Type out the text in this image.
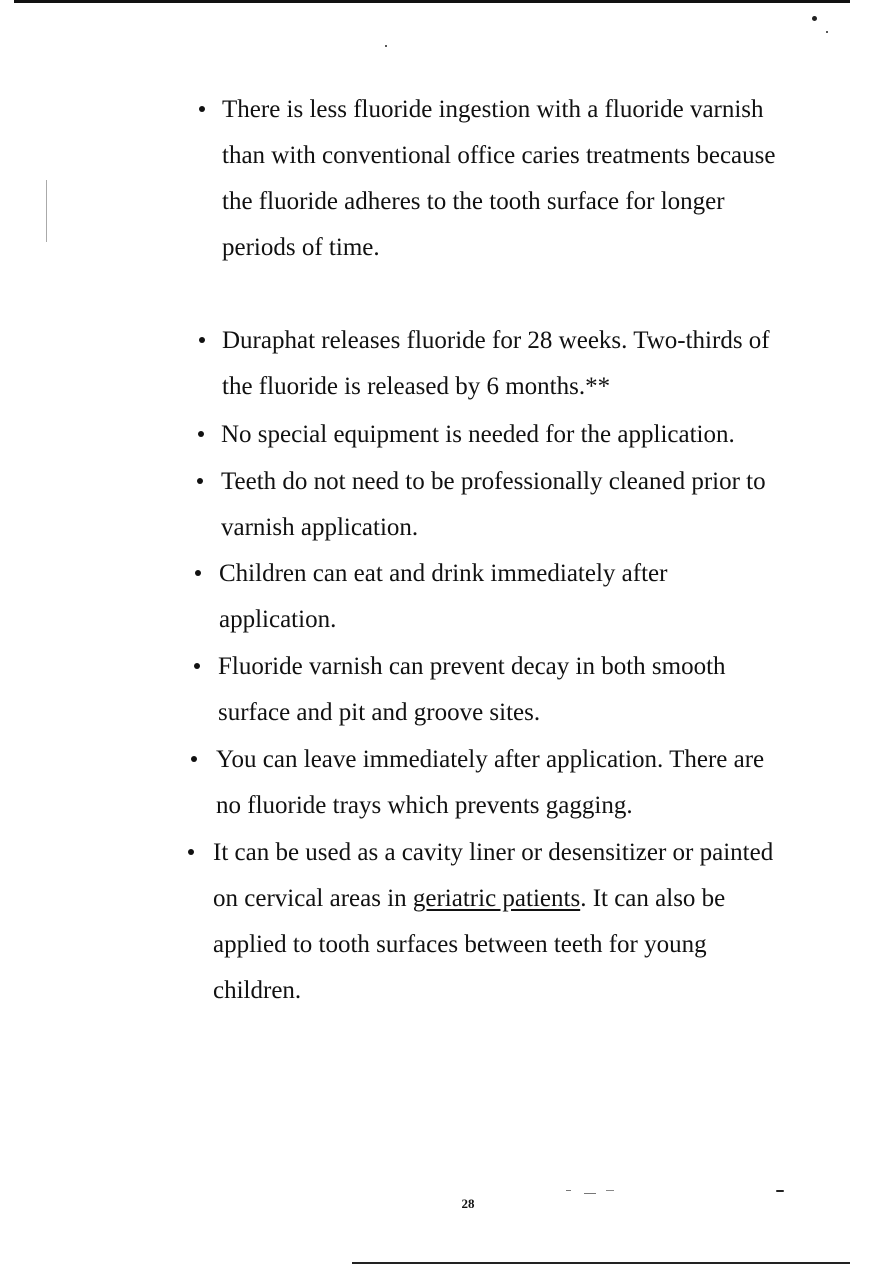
There is less fluoride ingestion with a fluoride varnish
than with conventional office caries treatments because
the fluoride adheres to the tooth surface for longer
periods of time.
Duraphat releases fluoride for 28 weeks. Two-thirds of
the fluoride is released by 6 months.**
No special equipment is needed for the application.
Teeth do not need to be professionally cleaned prior to
varnish application.
Children can eat and drink immediately after
application.
Fluoride varnish can prevent decay in both smooth
surface and pit and groove sites.
You can leave immediately after application. There are
no fluoride trays which prevents gagging.
It can be used as a cavity liner or desensitizer or painted
on cervical areas in geriatric patients. It can also be
applied to tooth surfaces between teeth for young
children.
28
